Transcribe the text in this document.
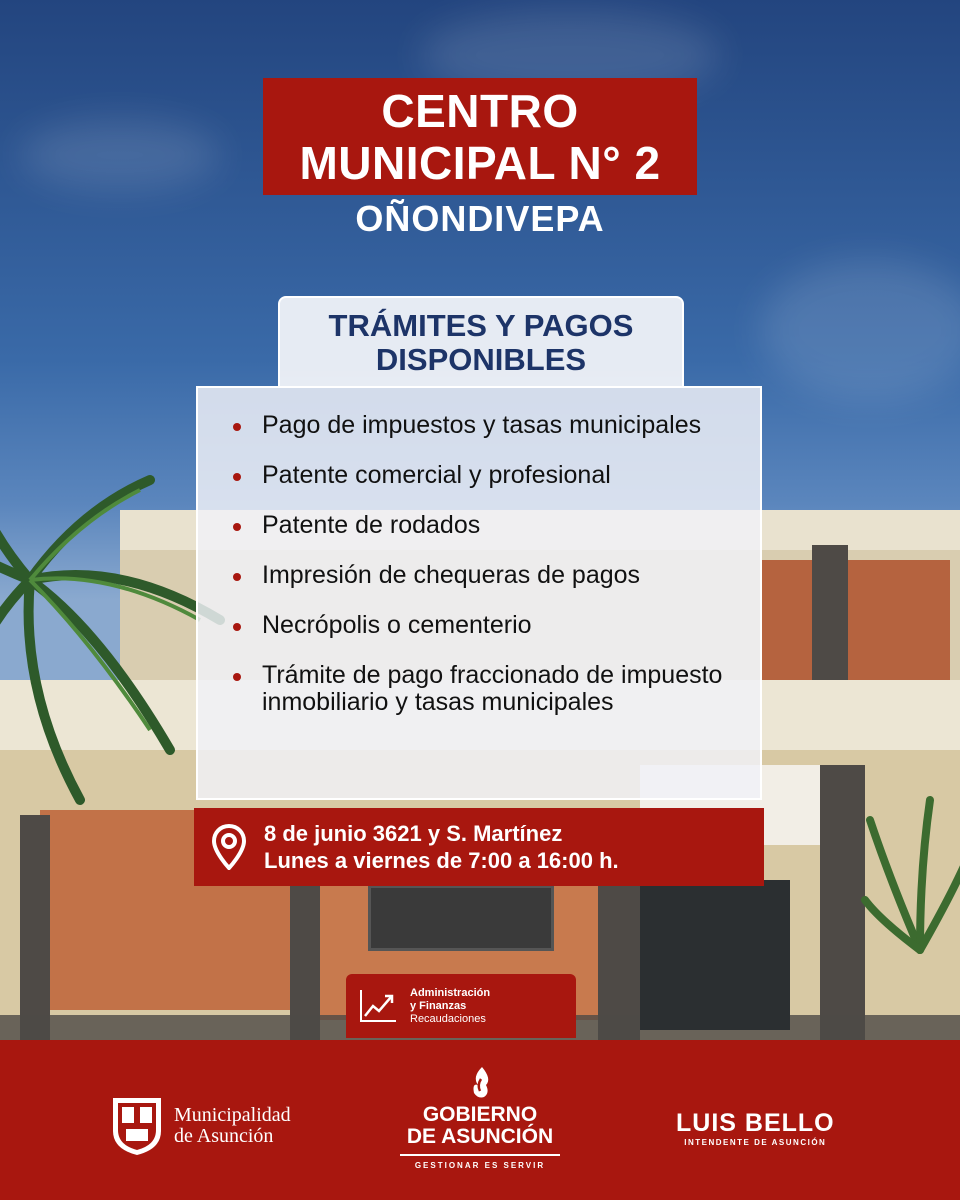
CENTRO
MUNICIPAL N° 2
OÑONDIVEPA
TRÁMITES Y PAGOS
DISPONIBLES
Pago de impuestos y tasas municipales
Patente comercial y profesional
Patente de rodados
Impresión de chequeras de pagos
Necrópolis o cementerio
Trámite de pago fraccionado de impuesto inmobiliario y tasas municipales
8 de junio 3621 y S. Martínez
Lunes a viernes de 7:00 a 16:00 h.
Administración
y Finanzas
Recaudaciones
Municipalidad
de Asunción
GOBIERNO
DE ASUNCIÓN
GESTIONAR ES SERVIR
LUIS BELLO
INTENDENTE DE ASUNCIÓN
